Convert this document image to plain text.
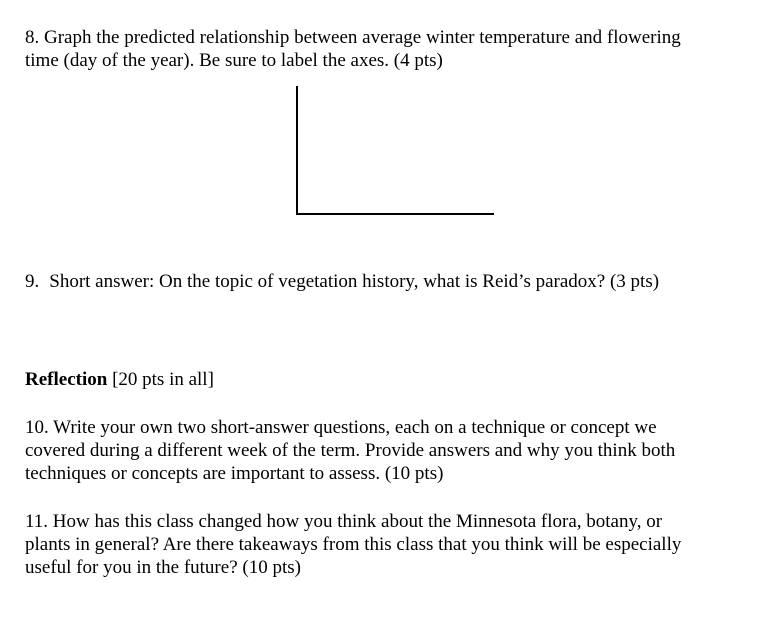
8. Graph the predicted relationship between average winter temperature and flowering
time (day of the year). Be sure to label the axes. (4 pts)
9. Short answer: On the topic of vegetation history, what is Reid’s paradox? (3 pts)
Reflection [20 pts in all]
10. Write your own two short-answer questions, each on a technique or concept we
covered during a different week of the term. Provide answers and why you think both
techniques or concepts are important to assess. (10 pts)
11. How has this class changed how you think about the Minnesota flora, botany, or
plants in general? Are there takeaways from this class that you think will be especially
useful for you in the future? (10 pts)
